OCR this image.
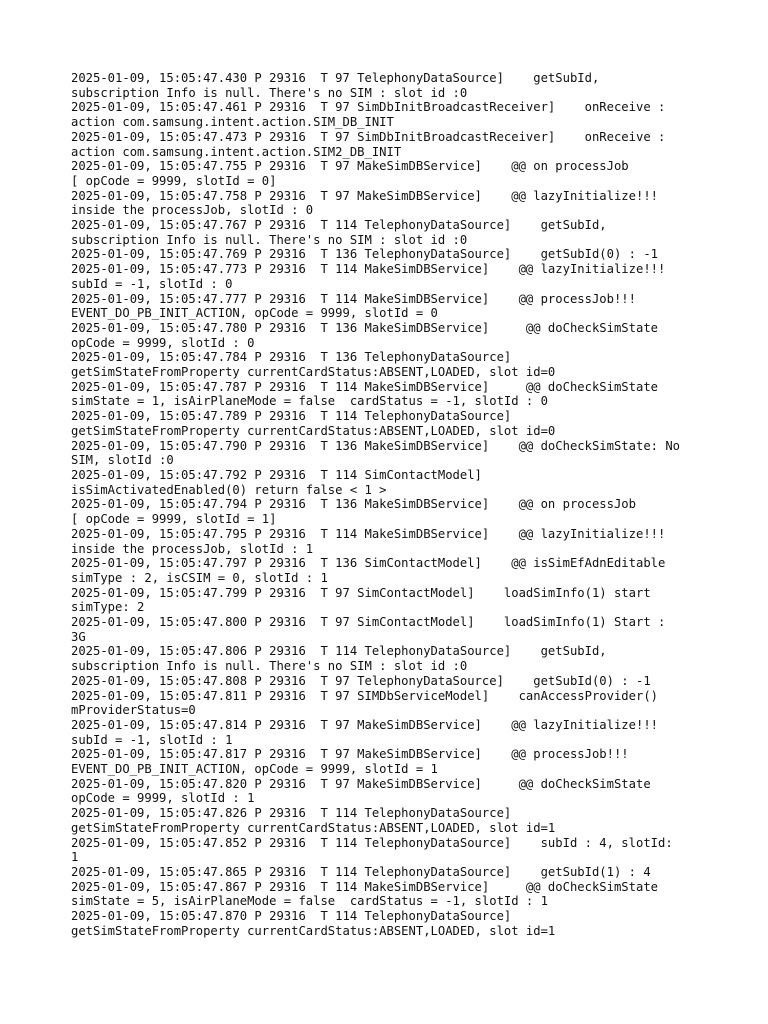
2025-01-09, 15:05:47.430 P 29316  T 97 TelephonyDataSource]    getSubId,
subscription Info is null. There's no SIM : slot id :0
2025-01-09, 15:05:47.461 P 29316  T 97 SimDbInitBroadcastReceiver]    onReceive :
action com.samsung.intent.action.SIM_DB_INIT
2025-01-09, 15:05:47.473 P 29316  T 97 SimDbInitBroadcastReceiver]    onReceive :
action com.samsung.intent.action.SIM2_DB_INIT
2025-01-09, 15:05:47.755 P 29316  T 97 MakeSimDBService]    @@ on processJob
[ opCode = 9999, slotId = 0]
2025-01-09, 15:05:47.758 P 29316  T 97 MakeSimDBService]    @@ lazyInitialize!!!
inside the processJob, slotId : 0
2025-01-09, 15:05:47.767 P 29316  T 114 TelephonyDataSource]    getSubId,
subscription Info is null. There's no SIM : slot id :0
2025-01-09, 15:05:47.769 P 29316  T 136 TelephonyDataSource]    getSubId(0) : -1
2025-01-09, 15:05:47.773 P 29316  T 114 MakeSimDBService]    @@ lazyInitialize!!!
subId = -1, slotId : 0
2025-01-09, 15:05:47.777 P 29316  T 114 MakeSimDBService]    @@ processJob!!!
EVENT_DO_PB_INIT_ACTION, opCode = 9999, slotId = 0
2025-01-09, 15:05:47.780 P 29316  T 136 MakeSimDBService]     @@ doCheckSimState
opCode = 9999, slotId : 0
2025-01-09, 15:05:47.784 P 29316  T 136 TelephonyDataSource]
getSimStateFromProperty currentCardStatus:ABSENT,LOADED, slot id=0
2025-01-09, 15:05:47.787 P 29316  T 114 MakeSimDBService]     @@ doCheckSimState
simState = 1, isAirPlaneMode = false  cardStatus = -1, slotId : 0
2025-01-09, 15:05:47.789 P 29316  T 114 TelephonyDataSource]
getSimStateFromProperty currentCardStatus:ABSENT,LOADED, slot id=0
2025-01-09, 15:05:47.790 P 29316  T 136 MakeSimDBService]    @@ doCheckSimState: No
SIM, slotId :0
2025-01-09, 15:05:47.792 P 29316  T 114 SimContactModel]
isSimActivatedEnabled(0) return false < 1 >
2025-01-09, 15:05:47.794 P 29316  T 136 MakeSimDBService]    @@ on processJob
[ opCode = 9999, slotId = 1]
2025-01-09, 15:05:47.795 P 29316  T 114 MakeSimDBService]    @@ lazyInitialize!!!
inside the processJob, slotId : 1
2025-01-09, 15:05:47.797 P 29316  T 136 SimContactModel]    @@ isSimEfAdnEditable
simType : 2, isCSIM = 0, slotId : 1
2025-01-09, 15:05:47.799 P 29316  T 97 SimContactModel]    loadSimInfo(1) start
simType: 2
2025-01-09, 15:05:47.800 P 29316  T 97 SimContactModel]    loadSimInfo(1) Start :
3G
2025-01-09, 15:05:47.806 P 29316  T 114 TelephonyDataSource]    getSubId,
subscription Info is null. There's no SIM : slot id :0
2025-01-09, 15:05:47.808 P 29316  T 97 TelephonyDataSource]    getSubId(0) : -1
2025-01-09, 15:05:47.811 P 29316  T 97 SIMDbServiceModel]    canAccessProvider()
mProviderStatus=0
2025-01-09, 15:05:47.814 P 29316  T 97 MakeSimDBService]    @@ lazyInitialize!!!
subId = -1, slotId : 1
2025-01-09, 15:05:47.817 P 29316  T 97 MakeSimDBService]    @@ processJob!!!
EVENT_DO_PB_INIT_ACTION, opCode = 9999, slotId = 1
2025-01-09, 15:05:47.820 P 29316  T 97 MakeSimDBService]     @@ doCheckSimState
opCode = 9999, slotId : 1
2025-01-09, 15:05:47.826 P 29316  T 114 TelephonyDataSource]
getSimStateFromProperty currentCardStatus:ABSENT,LOADED, slot id=1
2025-01-09, 15:05:47.852 P 29316  T 114 TelephonyDataSource]    subId : 4, slotId:
1
2025-01-09, 15:05:47.865 P 29316  T 114 TelephonyDataSource]    getSubId(1) : 4
2025-01-09, 15:05:47.867 P 29316  T 114 MakeSimDBService]     @@ doCheckSimState
simState = 5, isAirPlaneMode = false  cardStatus = -1, slotId : 1
2025-01-09, 15:05:47.870 P 29316  T 114 TelephonyDataSource]
getSimStateFromProperty currentCardStatus:ABSENT,LOADED, slot id=1
